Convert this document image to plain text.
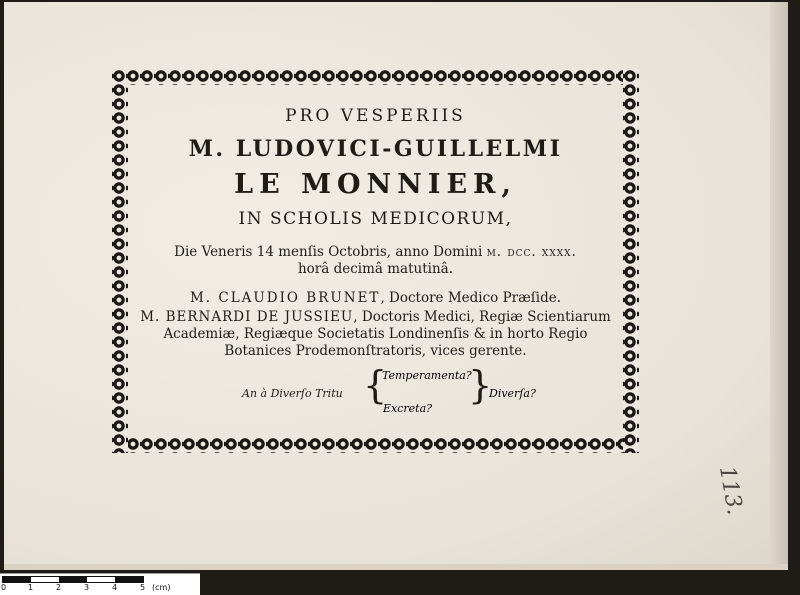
PRO VESPERIIS
M. LUDOVICI-GUILLELMI
LE MONNIER,
IN SCHOLIS MEDICORUM,
Die Veneris 14 menſis Octobris, anno Domini m. dcc. xxxx.
horâ decimâ matutinâ.
M. CLAUDIO BRUNET, Doctore Medico Præſide.
M. BERNARDI DE JUSSIEU, Doctoris Medici, Regiæ Scientiarum
Academiæ, Regiæque Societatis Londinenſis & in horto Regio
Botanices Prodemonſtratoris, vices gerente.
An à Diverſo Tritu {
Temperamenta?
Excreta?
{
Diverſa?
113.
0	1	2	3	4	5 (cm)
